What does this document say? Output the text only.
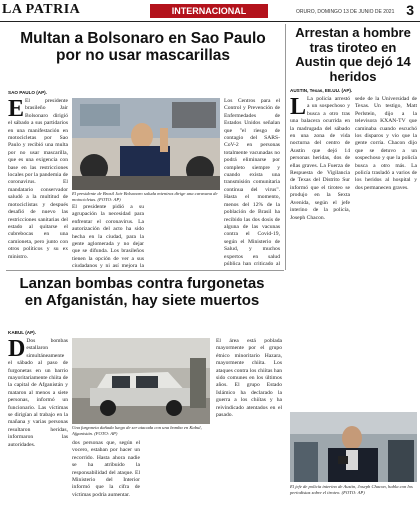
LA PATRIA	INTERNACIONAL	ORURO, DOMINGO 13 DE JUNIO DE 2021 3
Multan a Bolsonaro en Sao Paulo por no usar mascarillas
SAO PAULO (AP).
E El presidente brasileño Jair Bolsonaro dirigió el sábado a sus partidarios en una manifestación en motocicletas por Sao Paulo y recibió una multa por no usar mascarilla, que es una exigencia con base en las restricciones locales por la pandemia de coronavirus. El mandatario conservador saludó a la multitud de motociclistas y después desafió de nuevo las restricciones sanitarias del estado al quitarse el cubrebocas en una camioneta, pero junto con otros políticos y su ex ministro.
El presidente de Brasil Jair Bolsonaro saluda mientras dirige una caravana de motocicletas. (FOTO: AP)
El presidente pidió a su agrupación la necesidad para enfrentar el coronavirus. La autorización del acto ha sido hecha en la ciudad, para la gente aglomerada y no dejar que se difunda. Los brasileños tienen la opción de ver a sus ciudadanos y ni así mejora la
Los Centros para el Control y Prevención de Enfermedades de Estados Unidos señalan que "el riesgo de contagio del SARS-CoV-2 en personas totalmente vacunadas no podrá eliminarse por completo siempre y cuando exista una transmisión comunitaria continua del virus". Hasta el momento, menos del 12% de la población de Brasil ha recibido las dos dosis de alguna de las vacunas contra el Covid-19, según el Ministerio de Salud, y muchos expertos en salud pública han criticado al
Arrestan a hombre tras tiroteo en Austin que dejó 14 heridos
AUSTIN, Texas, EE.UU. (AP).
L La policía arrestó a un sospechoso y busca a otro tras una balacera ocurrida en la madrugada del sábado en una zona de vida nocturna del centro de Austin que dejó 14 personas heridas, dos de ellas graves. La Fuerza de Respuesta de Vigilancia de Texas del Distrito Sur informó que el tiroteo se produjo en la Sexta Avenida, según el jefe interino de la policía, Joseph Chacon.
sede de la Universidad de Texas. Un testigo, Matt Perlstein, dijo a la televisora KXAN-TV que caminaba cuando escuchó los disparos y vio que la gente corría. Chacon dijo que se detuvo a un sospechoso y que la policía busca a otro más. La policía trasladó a varios de los heridos al hospital y dos permanecen graves.
El jefe de policía interino de Austin, Joseph Chacon, habla con los periodistas sobre el tiroteo. (FOTO: AP)
Lanzan bombas contra furgonetas en Afganistán, hay siete muertos
KABUL (AP).
D Dos bombas estallaron simultáneamente el sábado al paso de furgonetas en un barrio mayoritariamente chiíta de la capital de Afganistán y mataron al menos a siete personas, informó un funcionario. Las víctimas se dirigían al trabajo en la mañana y varias personas resultaron heridas, informaron las autoridades.
Una furgoneta dañada luego de ser atacada con una bomba en Kabul, Afganistán. (FOTO: AP)
dos personas que, según el vocero, estaban por hacer un recorrido. Hasta ahora nadie se ha atribuido la responsabilidad del ataque. El Ministerio del Interior informó que la cifra de víctimas podría aumentar.
El área está poblada mayormente por el grupo étnico minoritario Hazara, mayormente chiíta. Los ataques contra los chiítas han sido comunes en los últimos años. El grupo Estado Islámico ha declarado la guerra a los chiítas y ha reivindicado atentados en el pasado.
